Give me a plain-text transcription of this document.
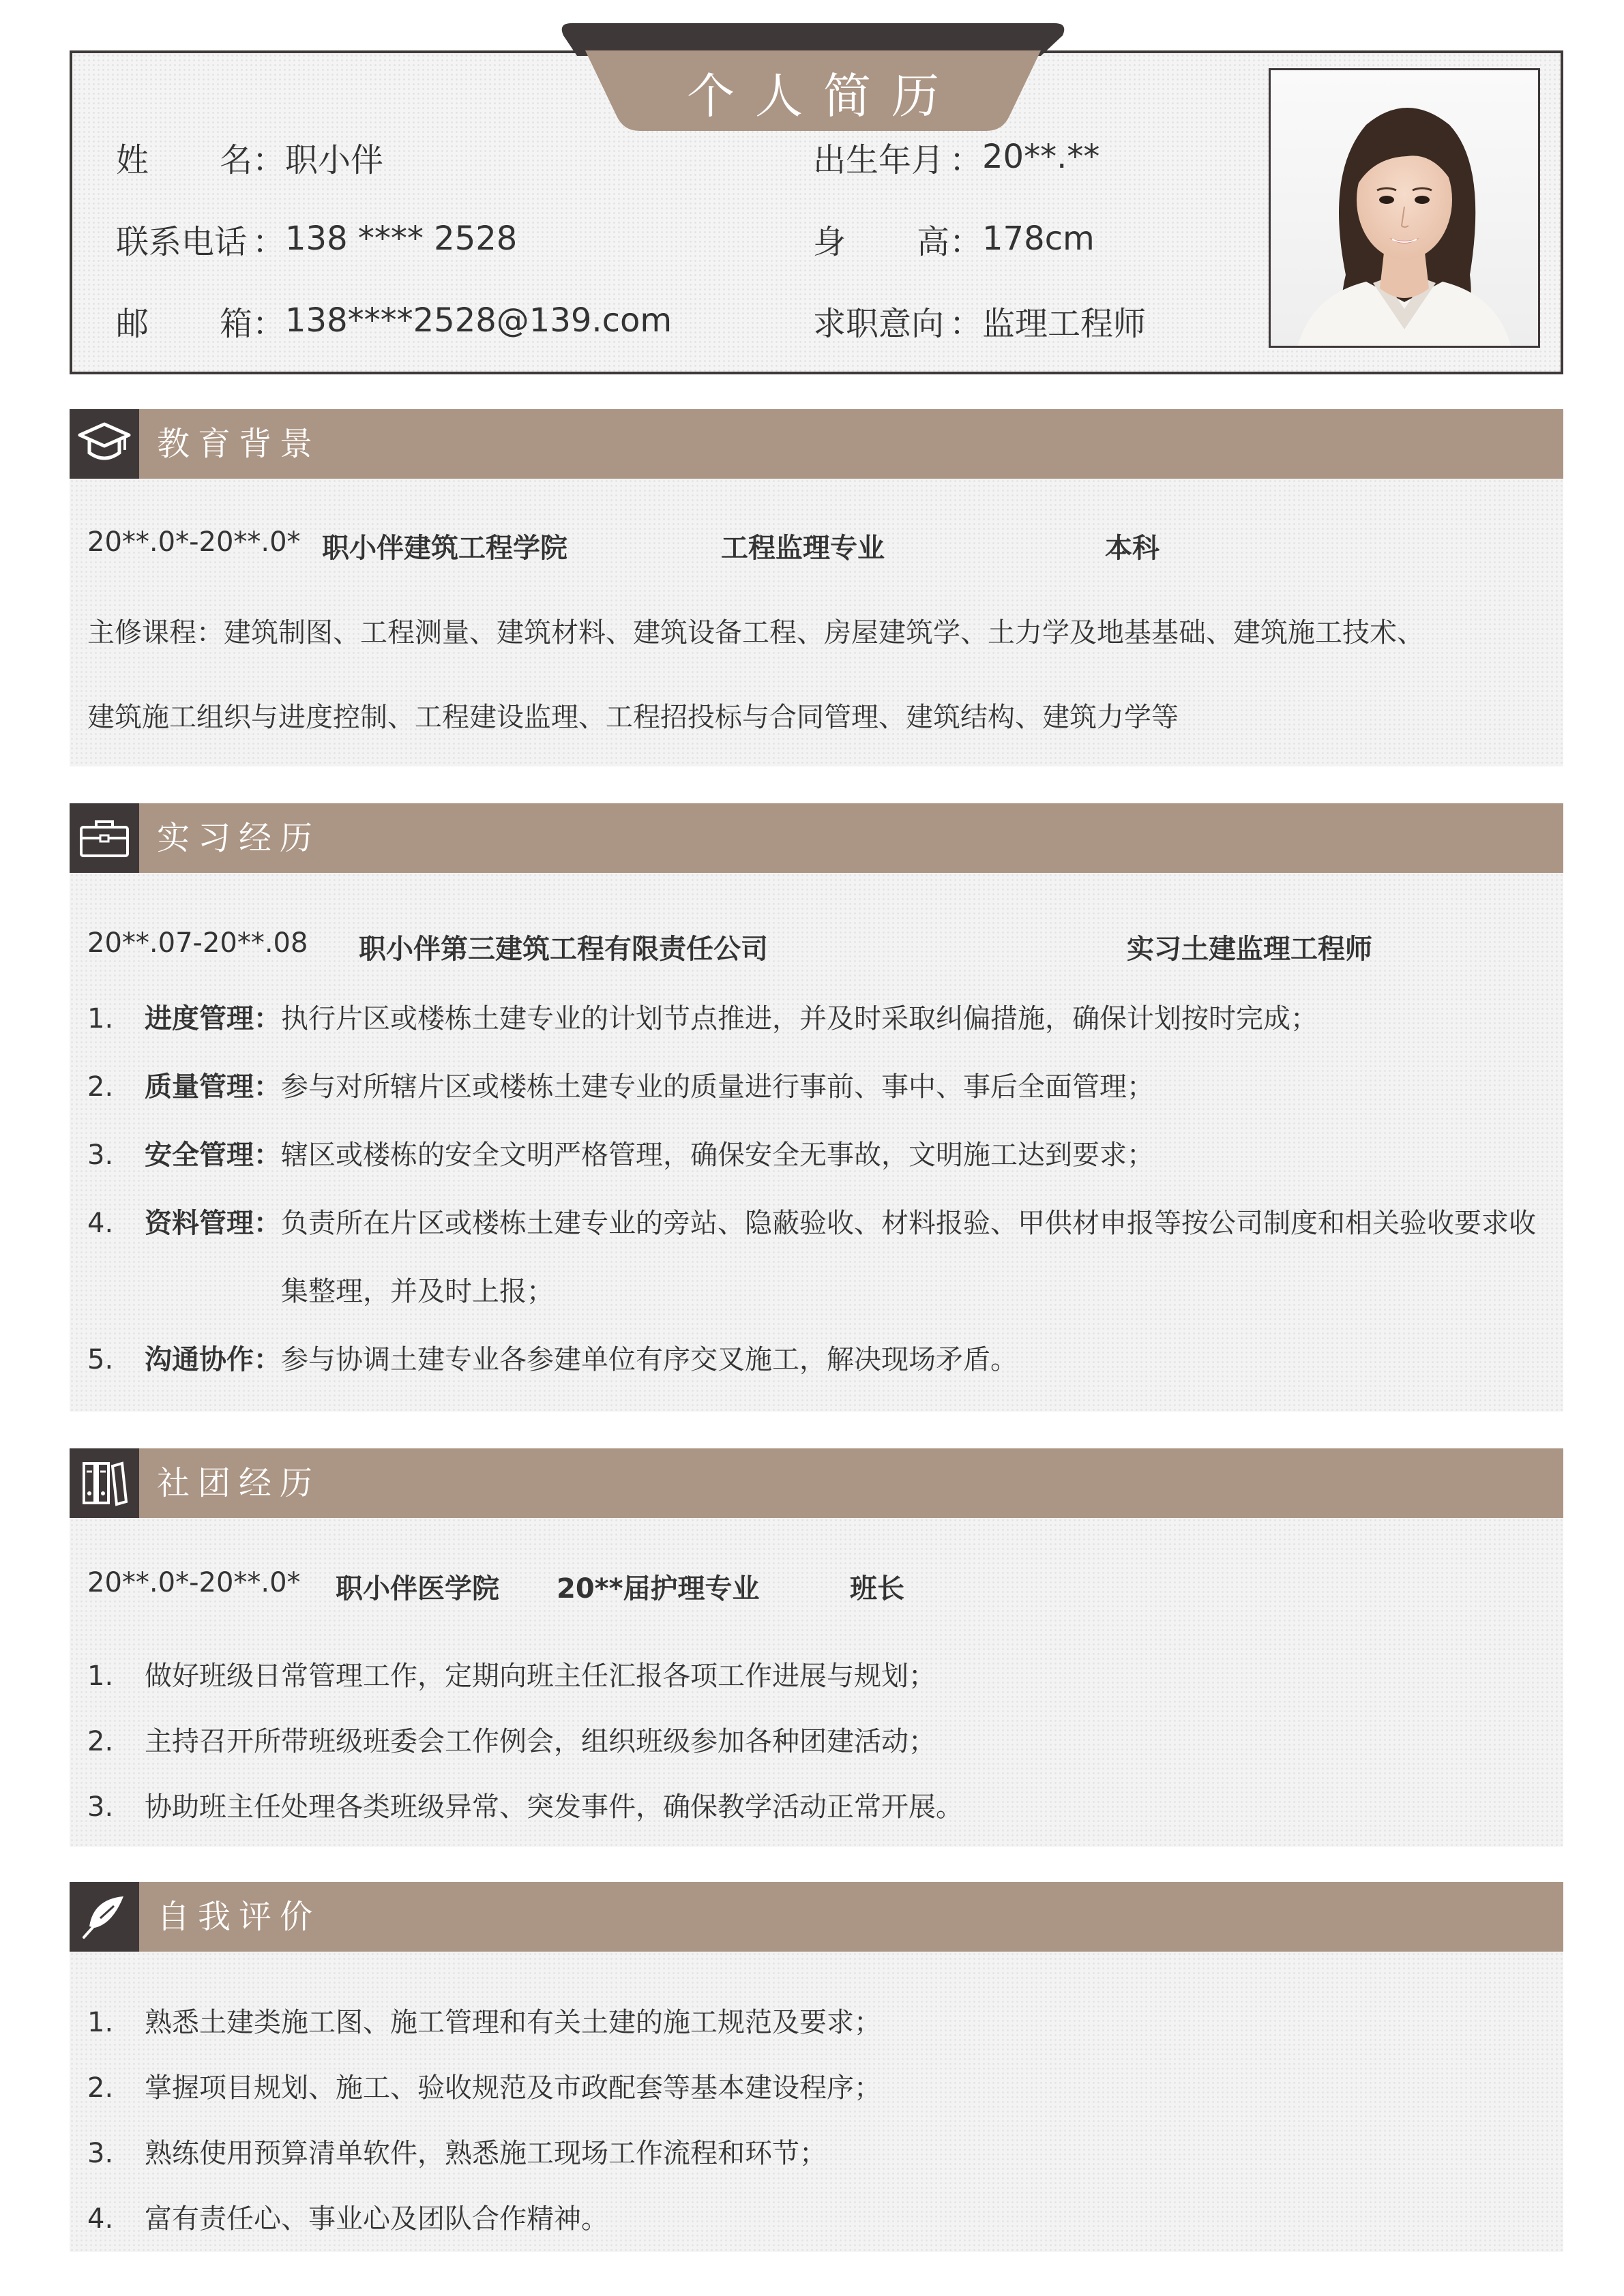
个人简历
姓 名 ： 职小伴
联系电话 ： 138 **** 2528
邮 箱 ： 138****2528@139.com
出生年月 ： 20**.**
身 高 ： 178cm
求职意向 ： 监理工程师
教育背景
20**.0*-20**.0* 职小伴建筑工程学院	工程监理专业	本科
主修课程：建筑制图、工程测量、建筑材料、建筑设备工程、房屋建筑学、土力学及地基基础、建筑施工技术、
建筑施工组织与进度控制、工程建设监理、工程招投标与合同管理、建筑结构、建筑力学等
实习经历
20**.07-20**.08 职小伴第三建筑工程有限责任公司	实习土建监理工程师
1. 进度管理：执行片区或楼栋土建专业的计划节点推进，并及时采取纠偏措施，确保计划按时完成；
2. 质量管理：参与对所辖片区或楼栋土建专业的质量进行事前、事中、事后全面管理；
3. 安全管理：辖区或楼栋的安全文明严格管理，确保安全无事故，文明施工达到要求；
4. 资料管理：负责所在片区或楼栋土建专业的旁站、隐蔽验收、材料报验、甲供材申报等按公司制度和相关验收要求收
集整理，并及时上报；
5. 沟通协作：参与协调土建专业各参建单位有序交叉施工，解决现场矛盾。
社团经历
20**.0*-20**.0* 职小伴医学院 20**届护理专业	班长
1. 做好班级日常管理工作，定期向班主任汇报各项工作进展与规划；
2. 主持召开所带班级班委会工作例会，组织班级参加各种团建活动；
3. 协助班主任处理各类班级异常、突发事件，确保教学活动正常开展。
自我评价
1. 熟悉土建类施工图、施工管理和有关土建的施工规范及要求；
2. 掌握项目规划、施工、验收规范及市政配套等基本建设程序；
3. 熟练使用预算清单软件，熟悉施工现场工作流程和环节；
4. 富有责任心、事业心及团队合作精神。
